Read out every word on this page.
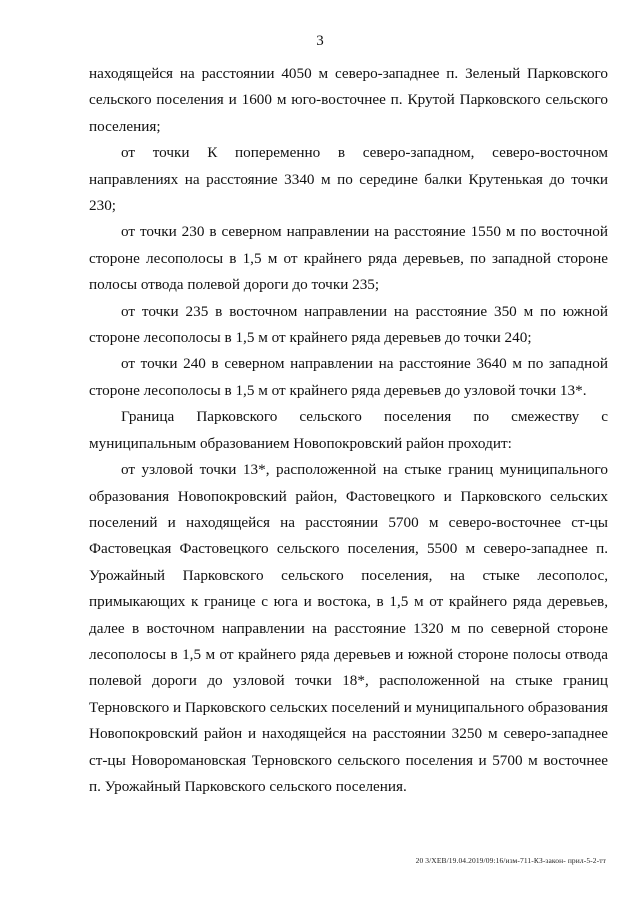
3

находящейся на расстоянии 4050 м северо-западнее п. Зеленый Парковского сельского поселения и 1600 м юго-восточнее п. Крутой Парковского сельского поселения;

от точки К попеременно в северо-западном, северо-восточном направлениях на расстояние 3340 м по середине балки Крутенькая до точки 230;

от точки 230 в северном направлении на расстояние 1550 м по восточной стороне лесополосы в 1,5 м от крайнего ряда деревьев, по западной стороне полосы отвода полевой дороги до точки 235;

от точки 235 в восточном направлении на расстояние 350 м по южной стороне лесополосы в 1,5 м от крайнего ряда деревьев до точки 240;

от точки 240 в северном направлении на расстояние 3640 м по западной стороне лесополосы в 1,5 м от крайнего ряда деревьев до узловой точки 13*.

Граница Парковского сельского поселения по смежеству с муниципальным образованием Новопокровский район проходит:

от узловой точки 13*, расположенной на стыке границ муниципального образования Новопокровский район, Фастовецкого и Парковского сельских поселений и находящейся на расстоянии 5700 м северо-восточнее ст-цы Фастовецкая Фастовецкого сельского поселения, 5500 м северо-западнее п. Урожайный Парковского сельского поселения, на стыке лесополос, примыкающих к границе с юга и востока, в 1,5 м от крайнего ряда деревьев, далее в восточном направлении на расстояние 1320 м по северной стороне лесополосы в 1,5 м от крайнего ряда деревьев и южной стороне полосы отвода полевой дороги до узловой точки 18*, расположенной на стыке границ Терновского и Парковского сельских поселений и муниципального образования Новопокровский район и находящейся на расстоянии 3250 м северо-западнее ст-цы Новоромановская Терновского сельского поселения и 5700 м восточнее п. Урожайный Парковского сельского поселения.

20 3/ХЕВ/19.04.2019/09:16/изм-711-КЗ-закон- прил-5-2-тт
